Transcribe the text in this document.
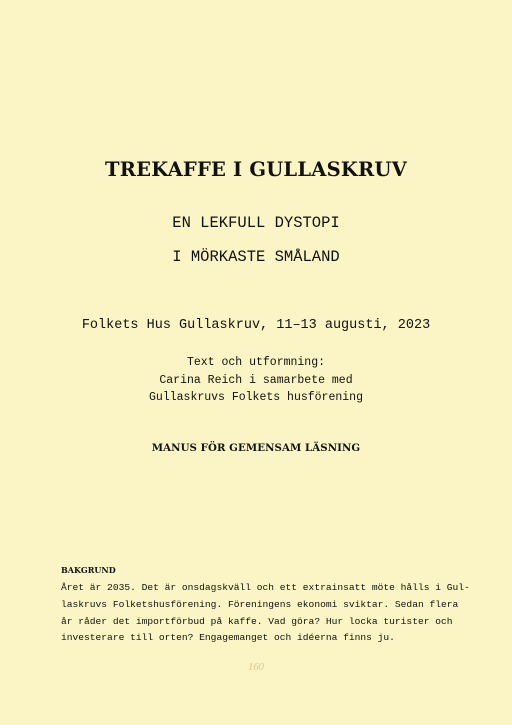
TREKAFFE I GULLASKRUV
EN LEKFULL DYSTOPI
I MÖRKASTE SMÅLAND
Folkets Hus Gullaskruv, 11–13 augusti, 2023
Text och utformning:
Carina Reich i samarbete med
Gullaskruvs Folkets husförening
MANUS FÖR GEMENSAM LÄSNING
BAKGRUND
Året är 2035. Det är onsdagskväll och ett extrainsatt möte hålls i Gul-
laskruvs Folketshusförening. Föreningens ekonomi sviktar. Sedan flera
år råder det importförbud på kaffe. Vad göra? Hur locka turister och
investerare till orten? Engagemanget och idéerna finns ju.
160
